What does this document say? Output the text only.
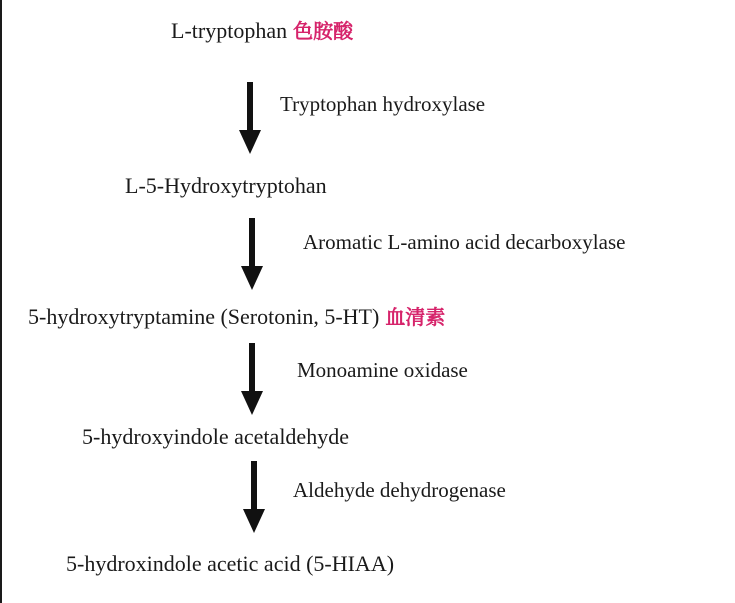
L-tryptophan 色胺酸
Tryptophan hydroxylase
L-5-Hydroxytryptohan
Aromatic L-amino acid decarboxylase
5-hydroxytryptamine (Serotonin, 5-HT) 血清素
Monoamine oxidase
5-hydroxyindole acetaldehyde
Aldehyde dehydrogenase
5-hydroxindole acetic acid (5-HIAA)
